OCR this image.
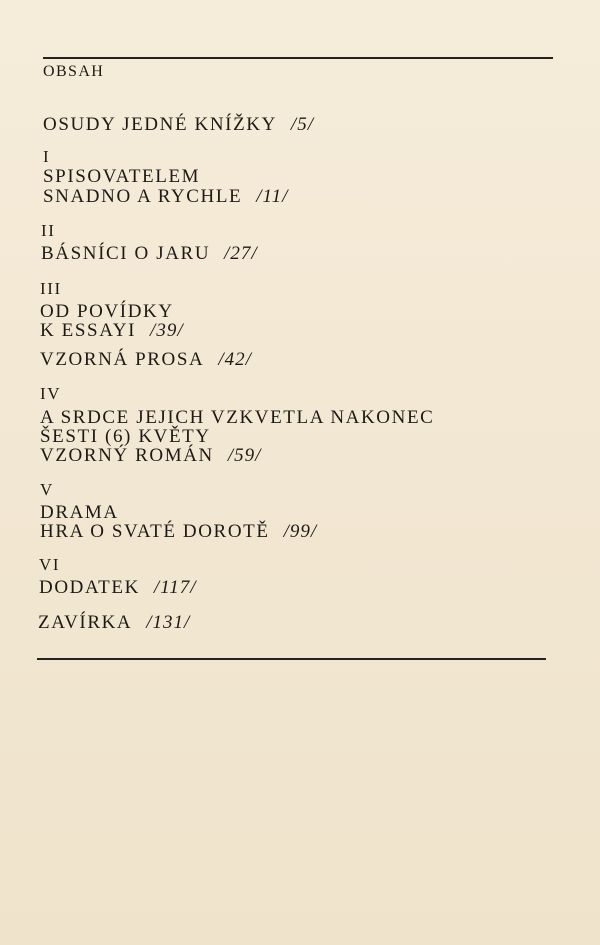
OBSAH
OSUDY JEDNÉ KNÍŽKY /5/
I
SPISOVATELEM
SNADNO A RYCHLE /11/
II
BÁSNÍCI O JARU /27/
III
OD POVÍDKY
K ESSAYI /39/
VZORNÁ PROSA /42/
IV
A SRDCE JEJICH VZKVETLA NAKONEC
ŠESTI (6) KVĚTY
VZORNÝ ROMÁN /59/
V
DRAMA
HRA O SVATÉ DOROTĚ /99/
VI
DODATEK /117/
ZAVÍRKA /131/
